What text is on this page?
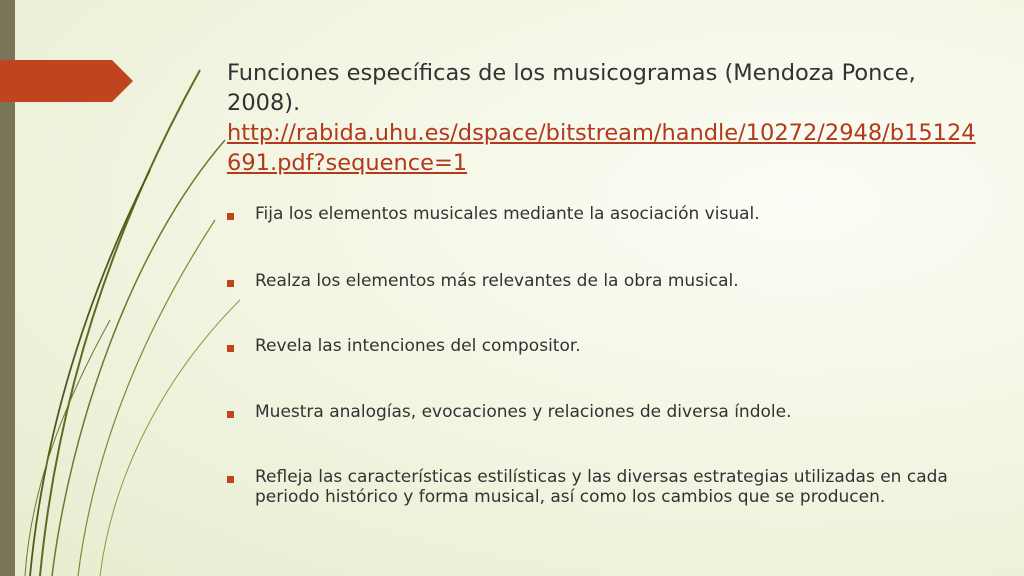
Funciones específicas de los musicogramas (Mendoza Ponce, 2008).
http://rabida.uhu.es/dspace/bitstream/handle/10272/2948/b15124691.pdf?sequence=1
Fija los elementos musicales mediante la asociación visual.
Realza los elementos más relevantes de la obra musical.
Revela las intenciones del compositor.
Muestra analogías, evocaciones y relaciones de diversa índole.
Refleja las características estilísticas y las diversas estrategias utilizadas en cada periodo histórico y forma musical, así como los cambios que se producen.
